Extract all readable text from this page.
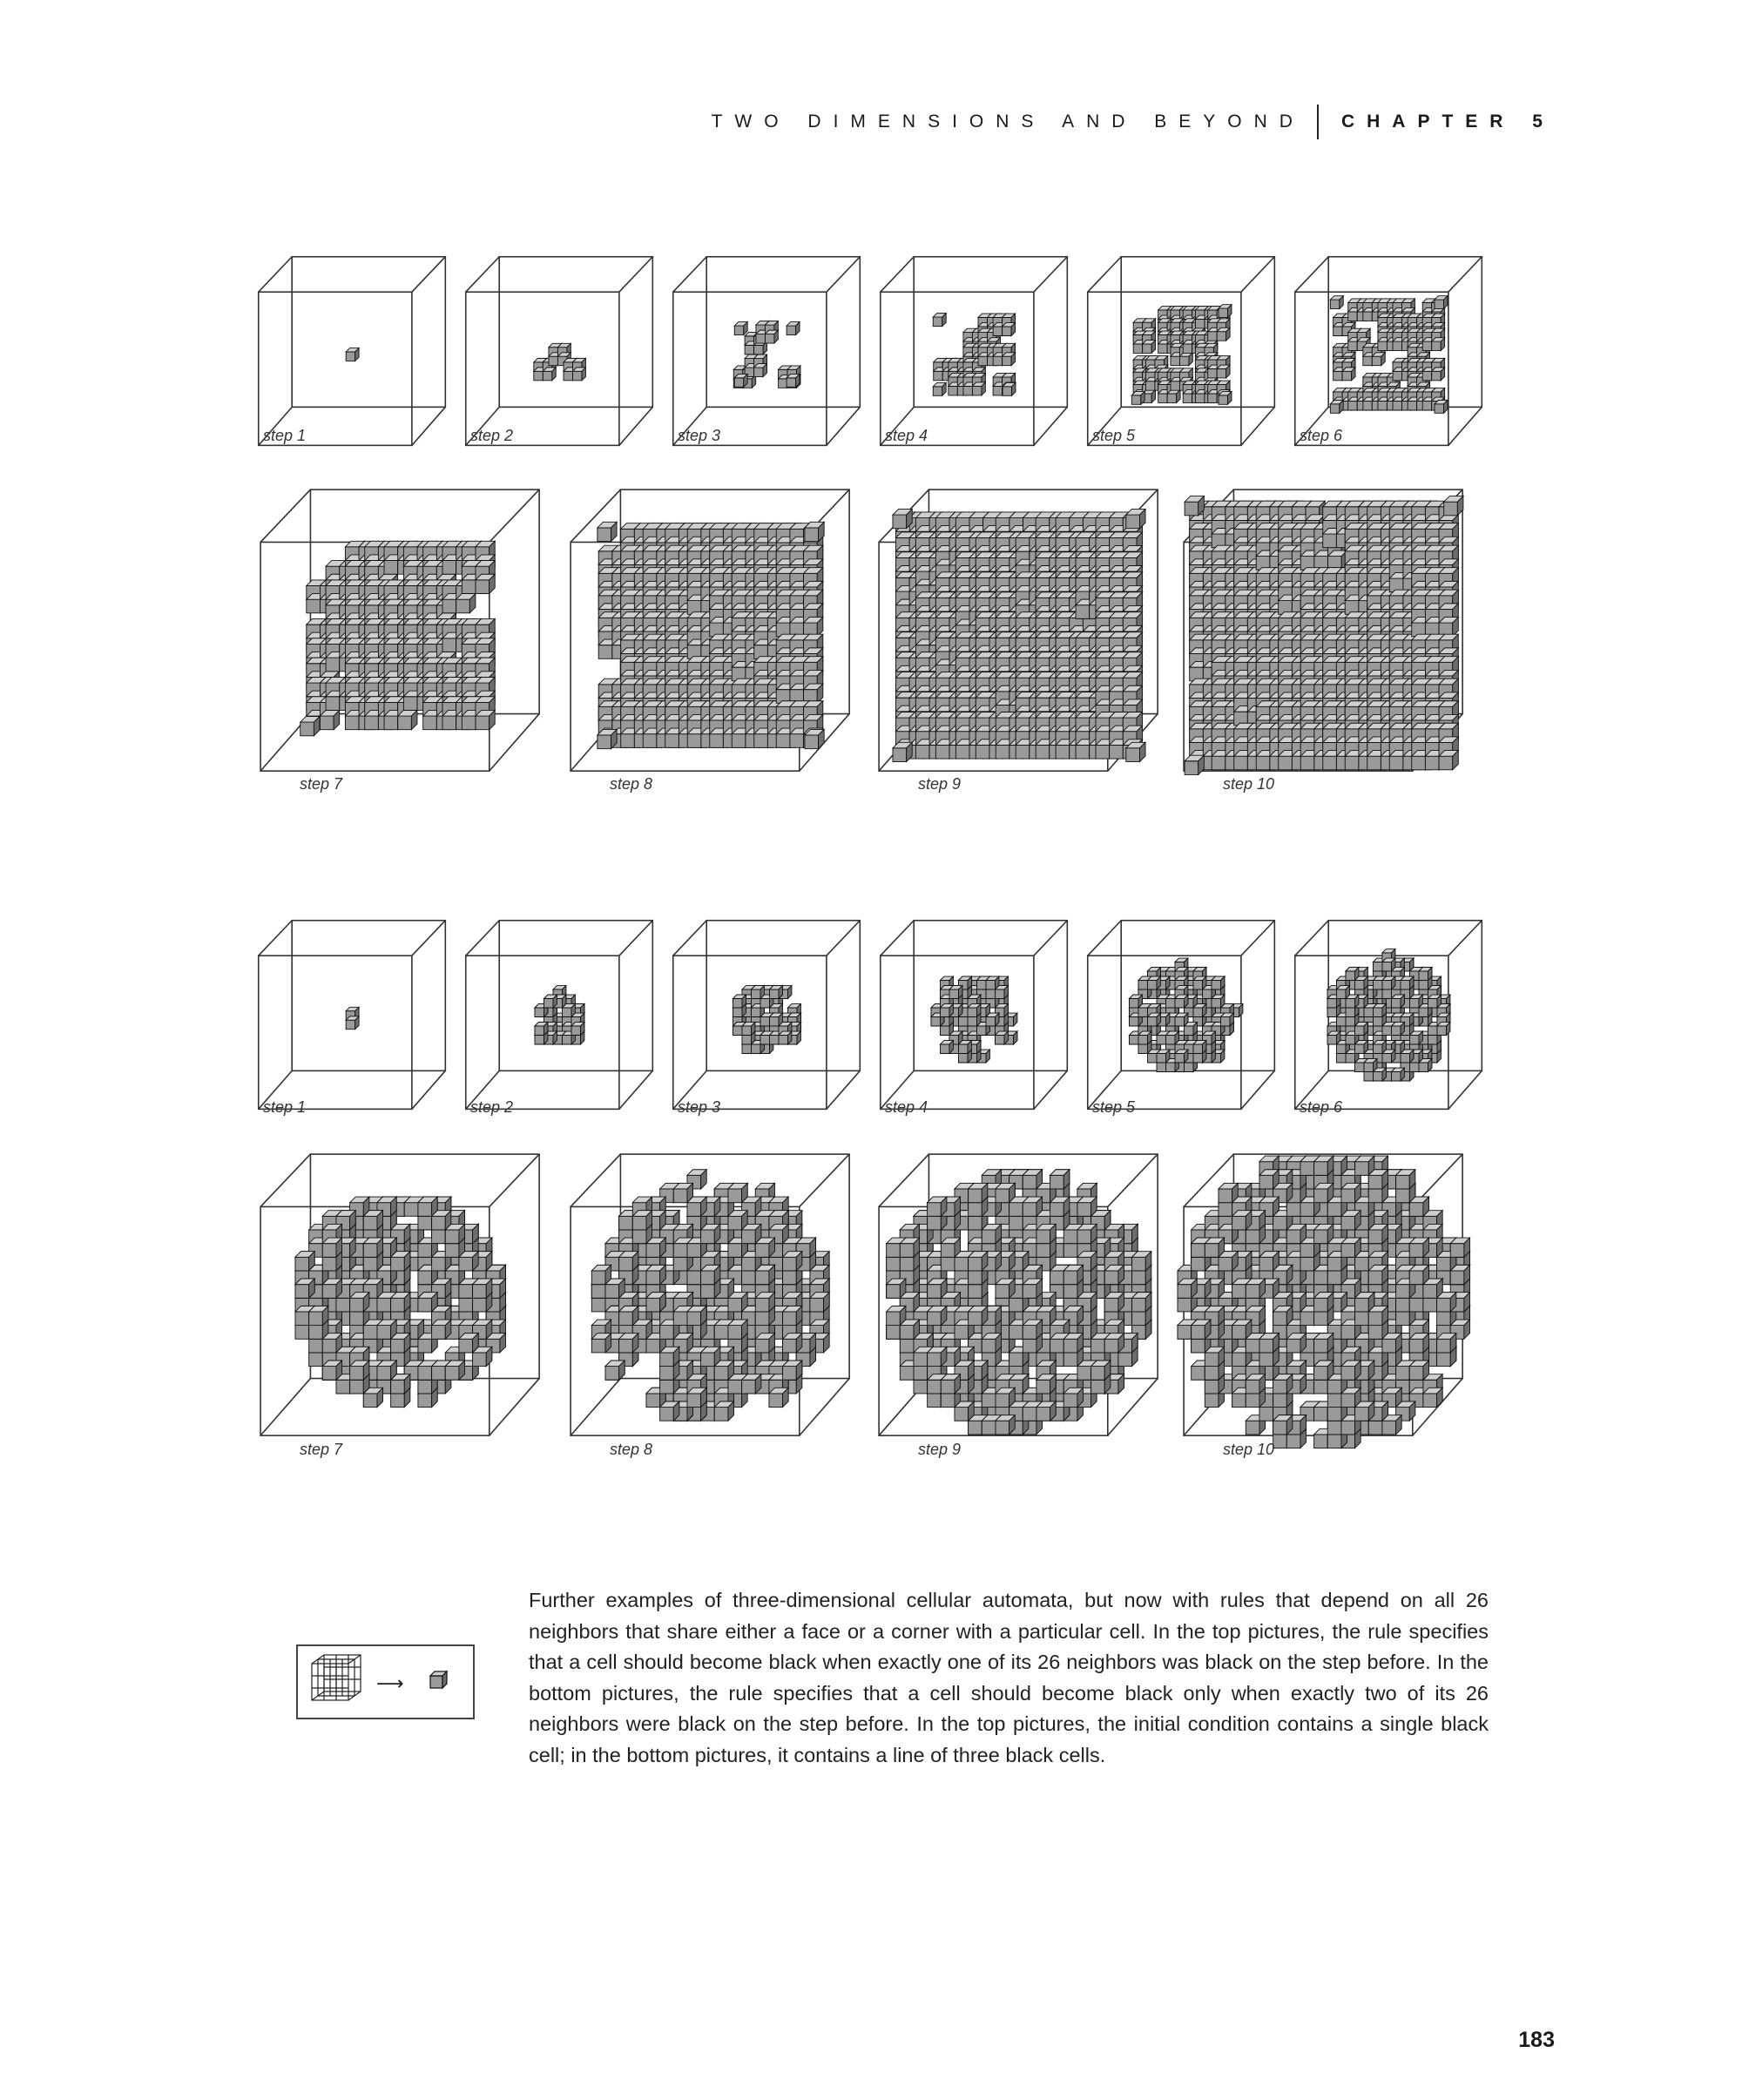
TWO DIMENSIONS AND BEYOND CHAPTER 5
step 1	step 2	step 3	step 4	step 5	step 6
step 7	step 8	step 9	step 10
step 1	step 2	step 3	step 4	step 5	step 6
step 7	step 8	step 9	step 10
⟶
Further examples of three-dimensional cellular automata, but now with rules that depend on all 26 neighbors that share either a face or a corner with a particular cell. In the top pictures, the rule specifies that a cell should become black when exactly one of its 26 neighbors was black on the step before. In the bottom pictures, the rule specifies that a cell should become black only when exactly two of its 26 neighbors were black on the step before. In the top pictures, the initial condition contains a single black cell; in the bottom pictures, it contains a line of three black cells.
183
